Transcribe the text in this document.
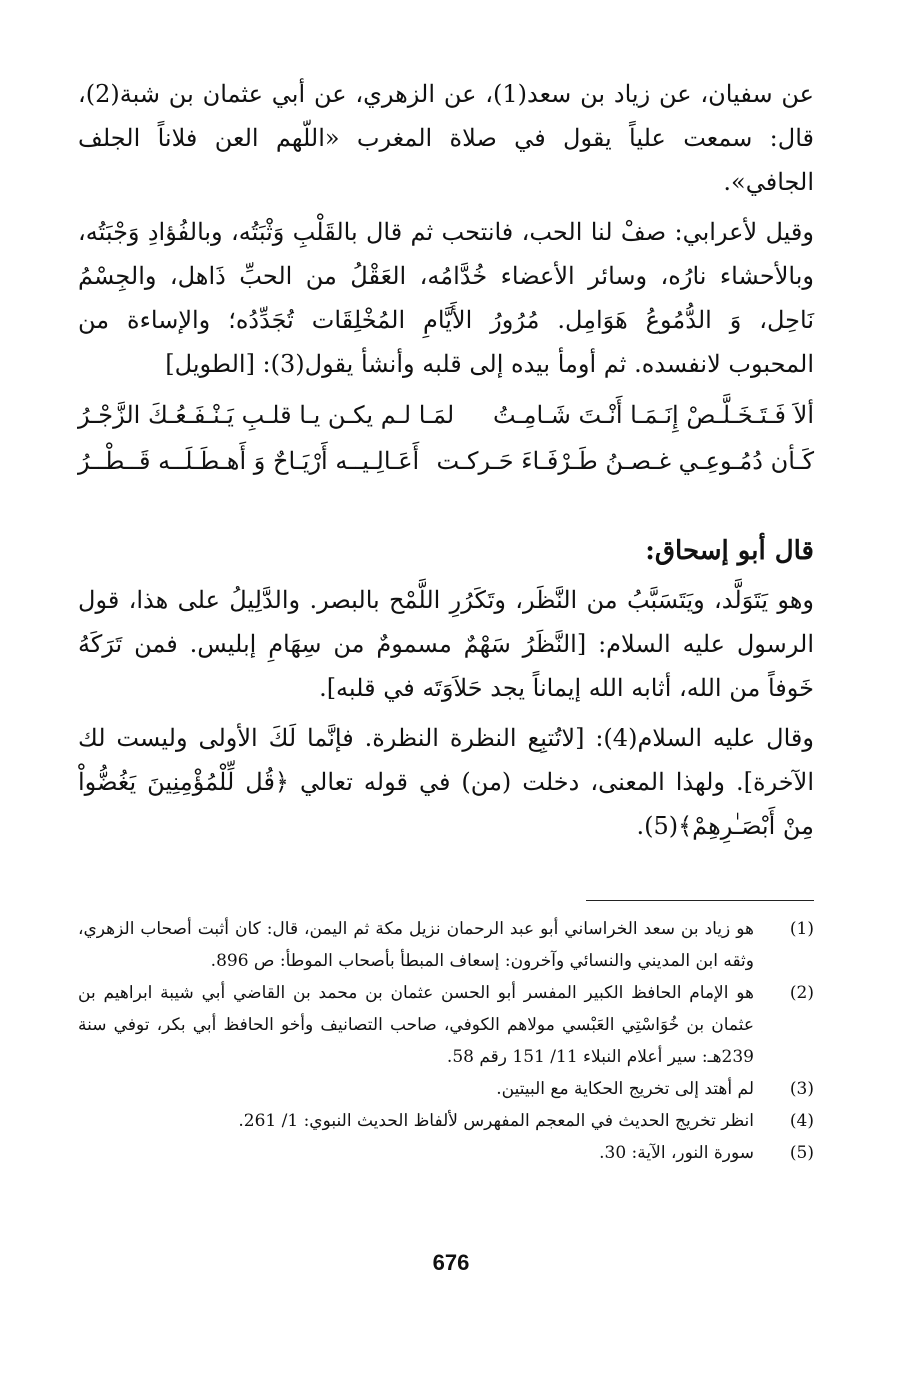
عن سفيان، عن زياد بن سعد(1)، عن الزهري، عن أبي عثمان بن شبة(2)، قال: سمعت علياً يقول في صلاة المغرب «اللّهم العن فلاناً الجلف الجافي».

وقيل لأعرابي: صفْ لنا الحب، فانتحب ثم قال بالقَلْبِ وَثْبَتُه، وبالفُؤادِ وَجْبَتُه، وبالأحشاء نارُه، وسائر الأعضاء خُدَّامُه، العَقْلُ من الحبِّ ذَاهل، والجِسْمُ نَاحِل، وَ الدُّمُوعُ هَوَامِل. مُرُورُ الأَيَّامِ المُخْلِقَات تُجَدِّدُه؛ والإساءة من المحبوب لانفسده. ثم أومأ بيده إلى قلبه وأنشأ يقول(3): [الطويل]

ألاَ فَـتَـخَـلَّـصْ إِنَـمَـا أَنْـتَ شَـامِـتُ
لمَـا لـم يكـن يـا قلـبِ يَـنْـفَـعُـكَ الزَّجْـرُ
كَـأن دُمُـوعِـي غـصـنُ طَـرْفَـاءَ حَـركـت
أَعَـالِـيــه أَرْيَـاحٌ وَ أَهـطَـلَــه قَــطْــرُ
قال أبو إسحاق:

وهو يَتَوَلَّد، ويَتَسَبَّبُ من النَّظَر، وتَكَرُرِ اللَّمْح بالبصر. والدَّلِيلُ على هذا، قول الرسول عليه السلام: [النَّظَرُ سَهْمٌ مسمومٌ من سِهَامِ إبليس. فمن تَرَكَهُ خَوفاً من الله، أثابه الله إيماناً يجد حَلاَوَتَه في قلبه].

وقال عليه السلام(4): [لاتُتبِع النظرة النظرة. فإنَّما لَكَ الأولى وليست لك الآخرة]. ولهذا المعنى، دخلت (من) في قوله تعالي ﴿قُل لِّلْمُؤْمِنِينَ يَغُضُّواْ مِنْ أَبْصَـٰرِهِمْ﴾(5).

(1)
هو زياد بن سعد الخراساني أبو عبد الرحمان نزيل مكة ثم اليمن، قال: كان أثبت أصحاب الزهري، وثقه ابن المديني والنسائي وآخرون: إسعاف المبطأ بأصحاب الموطأ: ص 896.
(2)
هو الإمام الحافظ الكبير المفسر أبو الحسن عثمان بن محمد بن القاضي أبي شيبة ابراهيم بن عثمان بن خُوَاسْتِي العَبْسي مولاهم الكوفي، صاحب التصانيف وأخو الحافظ أبي بكر، توفي سنة 239هـ: سير أعلام النبلاء 11/ 151 رقم 58.
(3)
لم أهتد إلى تخريج الحكاية مع البيتين.
(4)
انظر تخريج الحديث في المعجم المفهرس لألفاظ الحديث النبوي: 1/ 261.
(5)
سورة النور، الآية: 30.
676
